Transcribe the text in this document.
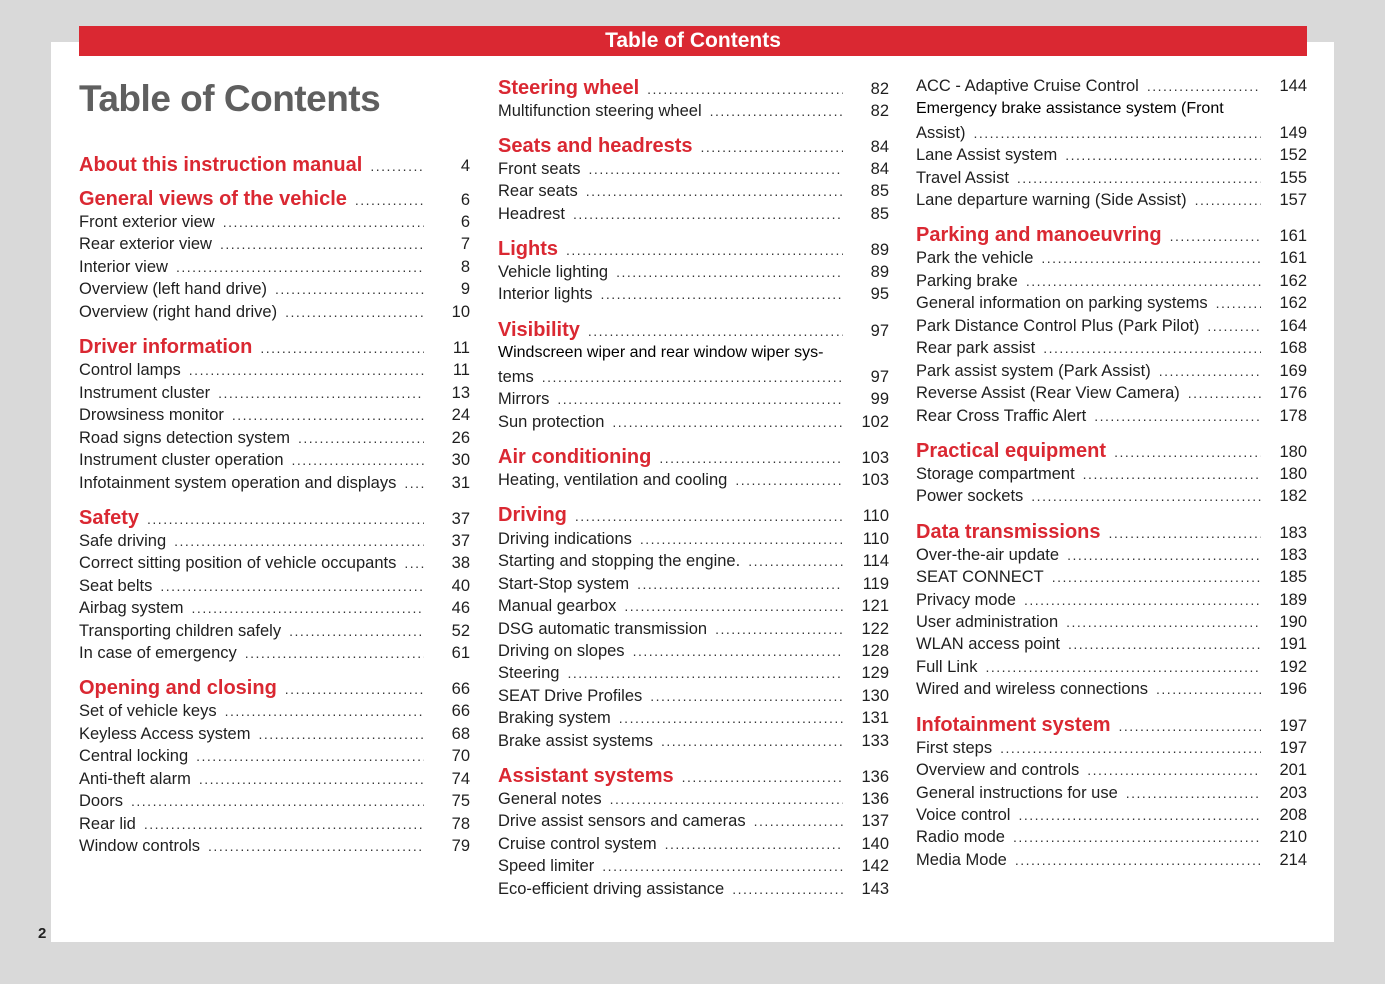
Table of Contents
Table of Contents
2
About this instruction manual .....	4
General views of the vehicle .....	6
Front exterior view .....	6
Rear exterior view .....	7
Interior view .....	8
Overview (left hand drive) .....	9
Overview (right hand drive) .....	10
Driver information .....	11
Control lamps .....	11
Instrument cluster .....	13
Drowsiness monitor .....	24
Road signs detection system .....	26
Instrument cluster operation .....	30
Infotainment system operation and displays .....	31
Safety .....	37
Safe driving .....	37
Correct sitting position of vehicle occupants .....	38
Seat belts .....	40
Airbag system .....	46
Transporting children safely .....	52
In case of emergency .....	61
Opening and closing .....	66
Set of vehicle keys .....	66
Keyless Access system .....	68
Central locking .....	70
Anti-theft alarm .....	74
Doors .....	75
Rear lid .....	78
Window controls .....	79
Steering wheel .....	82
Multifunction steering wheel .....	82
Seats and headrests .....	84
Front seats .....	84
Rear seats .....	85
Headrest .....	85
Lights .....	89
Vehicle lighting .....	89
Interior lights .....	95
Visibility .....	97
Windscreen wiper and rear window wiper sys-
tems .....	97
Mirrors .....	99
Sun protection .....	102
Air conditioning .....	103
Heating, ventilation and cooling .....	103
Driving .....	110
Driving indications .....	110
Starting and stopping the engine. .....	114
Start-Stop system .....	119
Manual gearbox .....	121
DSG automatic transmission .....	122
Driving on slopes .....	128
Steering .....	129
SEAT Drive Profiles .....	130
Braking system .....	131
Brake assist systems .....	133
Assistant systems .....	136
General notes .....	136
Drive assist sensors and cameras .....	137
Cruise control system .....	140
Speed limiter .....	142
Eco-efficient driving assistance .....	143
ACC - Adaptive Cruise Control .....	144
Emergency brake assistance system (Front
Assist) .....	149
Lane Assist system .....	152
Travel Assist .....	155
Lane departure warning (Side Assist) .....	157
Parking and manoeuvring .....	161
Park the vehicle .....	161
Parking brake .....	162
General information on parking systems .....	162
Park Distance Control Plus (Park Pilot) .....	164
Rear park assist .....	168
Park assist system (Park Assist) .....	169
Reverse Assist (Rear View Camera) .....	176
Rear Cross Traffic Alert .....	178
Practical equipment .....	180
Storage compartment .....	180
Power sockets .....	182
Data transmissions .....	183
Over-the-air update .....	183
SEAT CONNECT .....	185
Privacy mode .....	189
User administration .....	190
WLAN access point .....	191
Full Link .....	192
Wired and wireless connections .....	196
Infotainment system .....	197
First steps .....	197
Overview and controls .....	201
General instructions for use .....	203
Voice control .....	208
Radio mode .....	210
Media Mode .....	214
